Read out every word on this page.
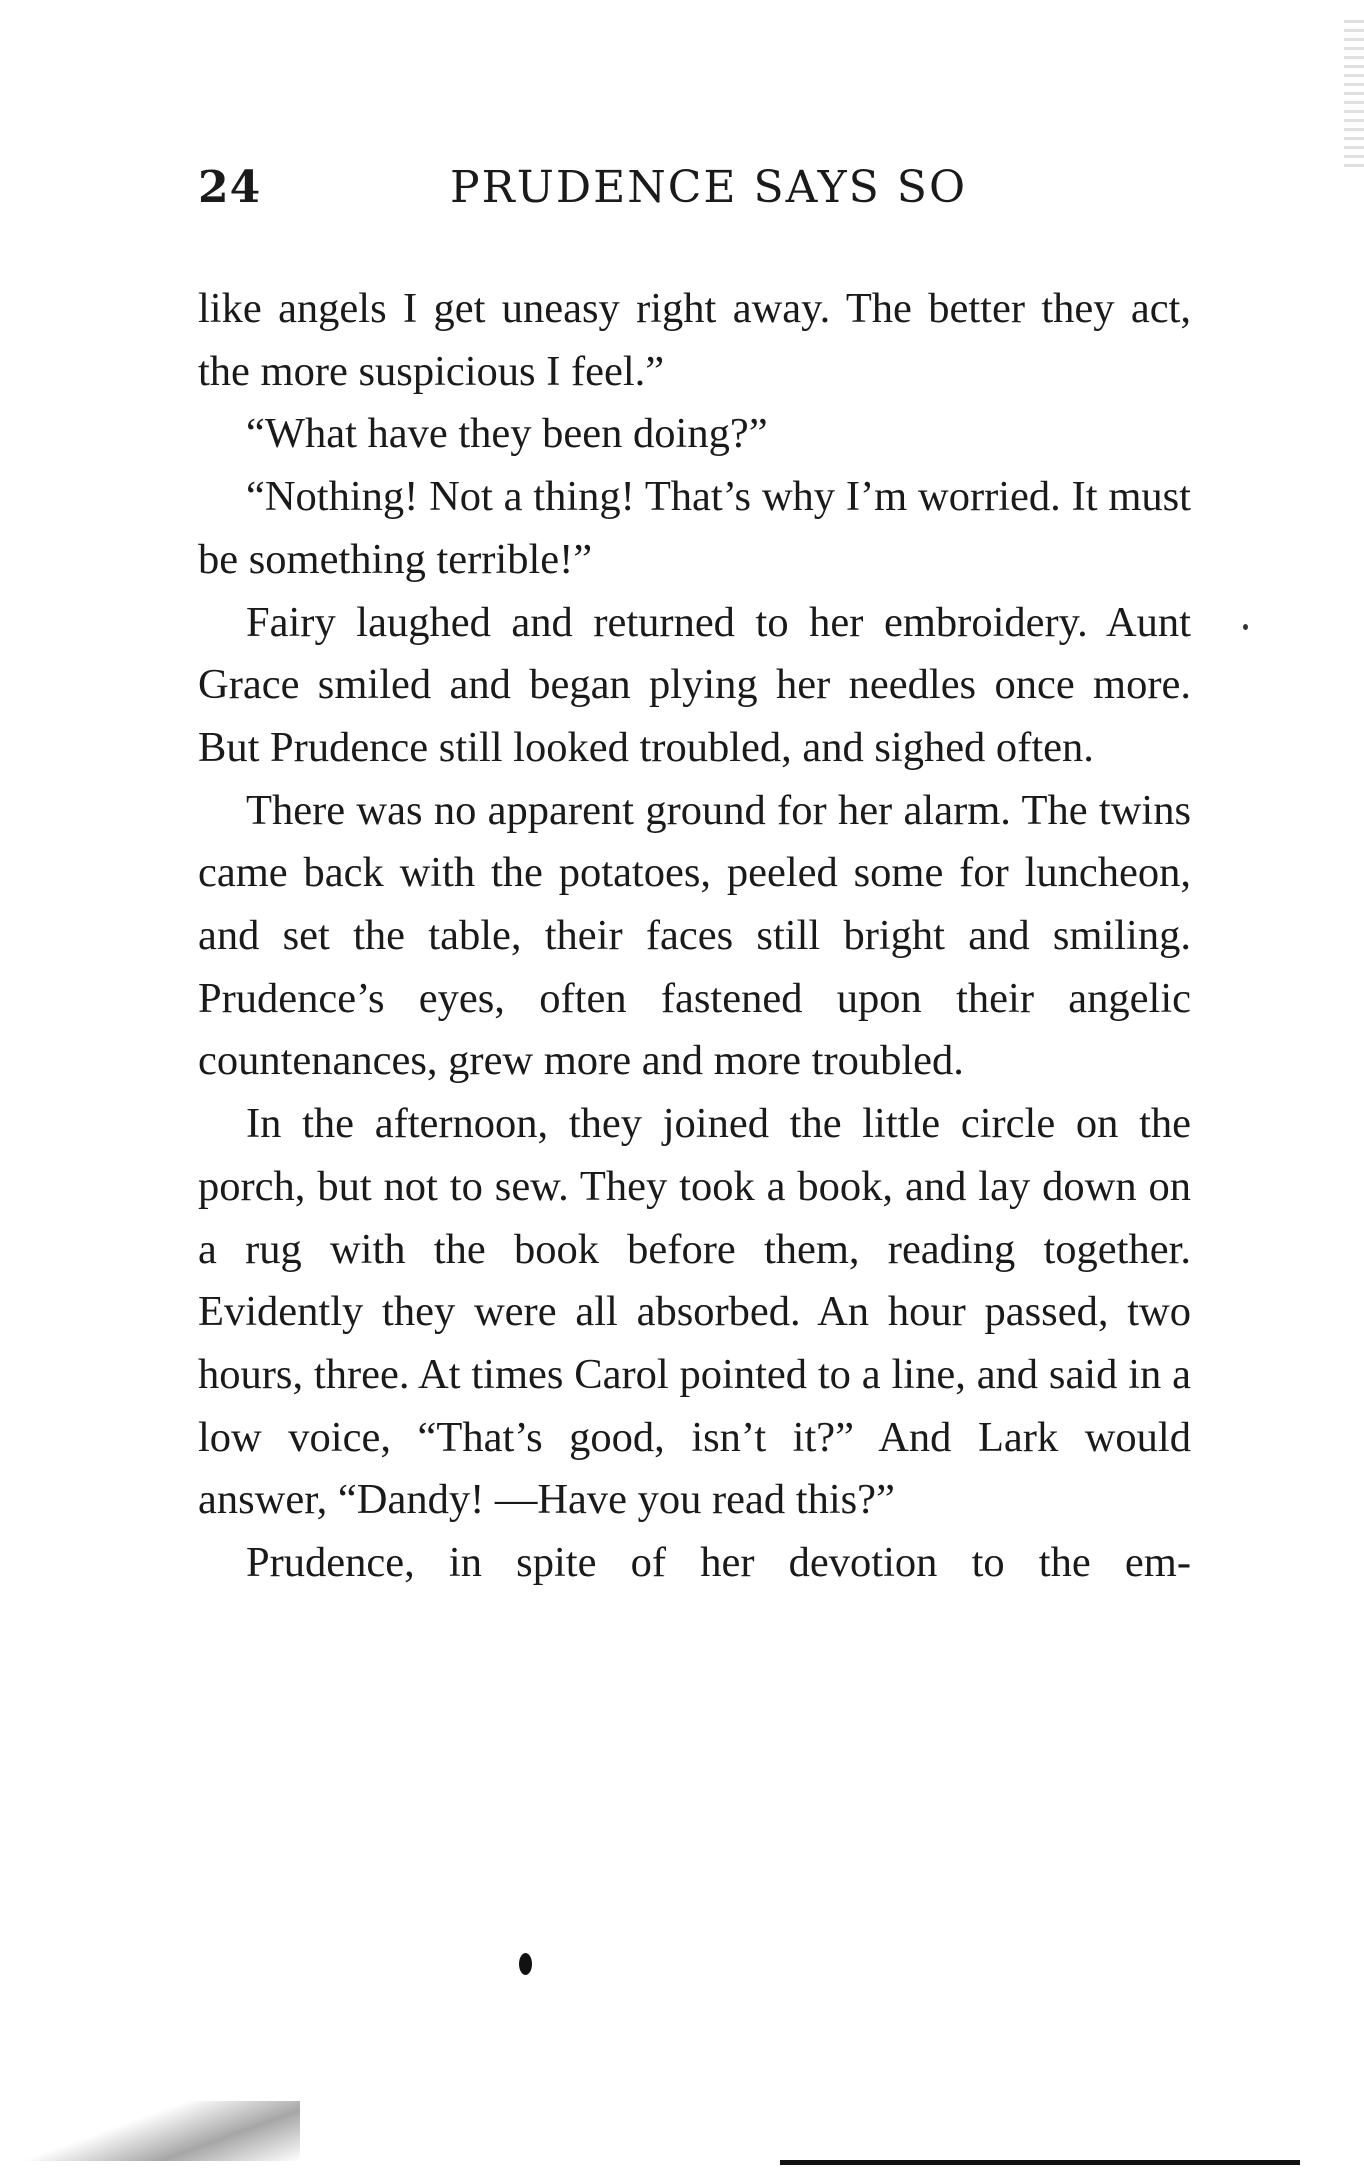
24	PRUDENCE SAYS SO

like angels I get uneasy right away. The better they act, the more suspicious I feel.”

“What have they been doing?”

“Nothing! Not a thing! That’s why I’m worried. It must be something terrible!”

Fairy laughed and returned to her embroidery. Aunt Grace smiled and began plying her needles once more. But Prudence still looked troubled, and sighed often.

There was no apparent ground for her alarm. The twins came back with the potatoes, peeled some for luncheon, and set the table, their faces still bright and smiling. Prudence’s eyes, often fastened upon their angelic countenances, grew more and more troubled.

In the afternoon, they joined the little circle on the porch, but not to sew. They took a book, and lay down on a rug with the book before them, reading together. Evidently they were all absorbed. An hour passed, two hours, three. At times Carol pointed to a line, and said in a low voice, “That’s good, isn’t it?” And Lark would answer, “Dandy! —Have you read this?”

Prudence, in spite of her devotion to the em-
